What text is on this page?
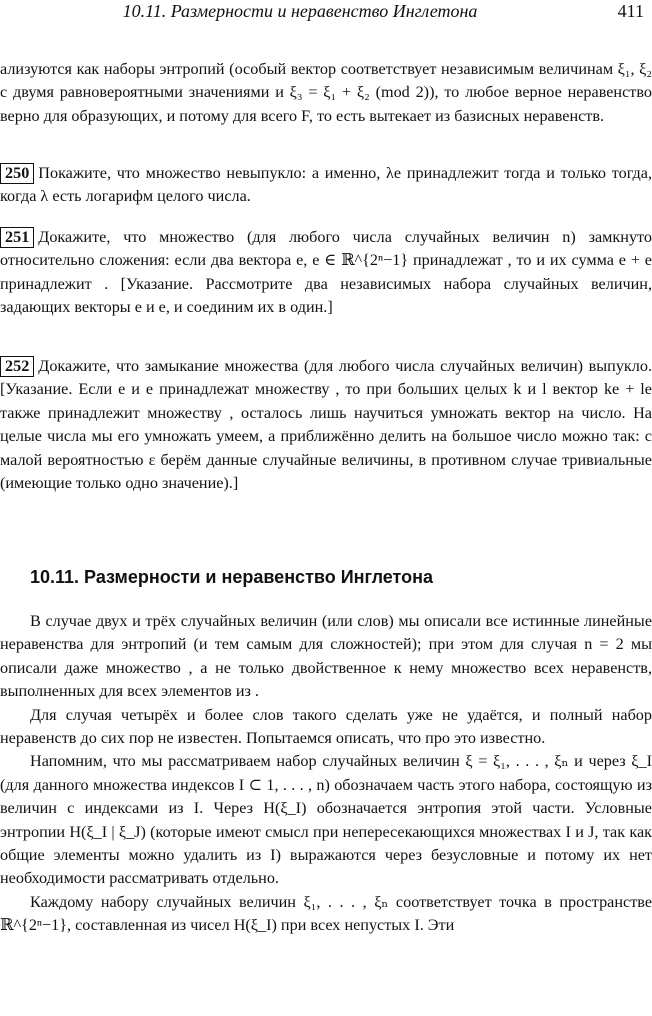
10.11. Размерности и неравенство Инглетона	411

ализуются как наборы энтропий (особый вектор соответствует независимым величинам ξ₁, ξ₂ с двумя равновероятными значениями и ξ₃ = ξ₁ + ξ₂ (mod 2)), то любое верное неравенство верно для образующих, и потому для всего F, то есть вытекает из базисных неравенств.

250 Покажите, что множество невыпукло: а именно, λe принадлежит тогда и только тогда, когда λ есть логарифм целого числа.

251 Докажите, что множество (для любого числа случайных величин n) замкнуто относительно сложения: если два вектора e, e ∈ ℝ^{2ⁿ−1} принадлежат , то и их сумма e + e принадлежит . [Указание. Рассмотрите два независимых набора случайных величин, задающих векторы e и e, и соединим их в один.]

252 Докажите, что замыкание множества (для любого числа случайных величин) выпукло. [Указание. Если e и e принадлежат множеству , то при больших целых k и l вектор ke + le также принадлежит множеству , осталось лишь научиться умножать вектор на число. На целые числа мы его умножать умеем, а приближённо делить на большое число можно так: с малой вероятностью ε берём данные случайные величины, в противном случае тривиальные (имеющие только одно значение).]

10.11. Размерности и неравенство Инглетона

В случае двух и трёх случайных величин (или слов) мы описали все истинные линейные неравенства для энтропий (и тем самым для сложностей); при этом для случая n = 2 мы описали даже множество , а не только двойственное к нему множество всех неравенств, выполненных для всех элементов из .

Для случая четырёх и более слов такого сделать уже не удаётся, и полный набор неравенств до сих пор не известен. Попытаемся описать, что про это известно.

Напомним, что мы рассматриваем набор случайных величин ξ = ξ₁, . . . , ξₙ и через ξ_I (для данного множества индексов I ⊂ 1, . . . , n) обозначаем часть этого набора, состоящую из величин с индексами из I. Через H(ξ_I) обозначается энтропия этой части. Условные энтропии H(ξ_I | ξ_J) (которые имеют смысл при непересекающихся множествах I и J, так как общие элементы можно удалить из I) выражаются через безусловные и потому их нет необходимости рассматривать отдельно.

Каждому набору случайных величин ξ₁, . . . , ξₙ соответствует точка в пространстве ℝ^{2ⁿ−1}, составленная из чисел H(ξ_I) при всех непустых I. Эти
